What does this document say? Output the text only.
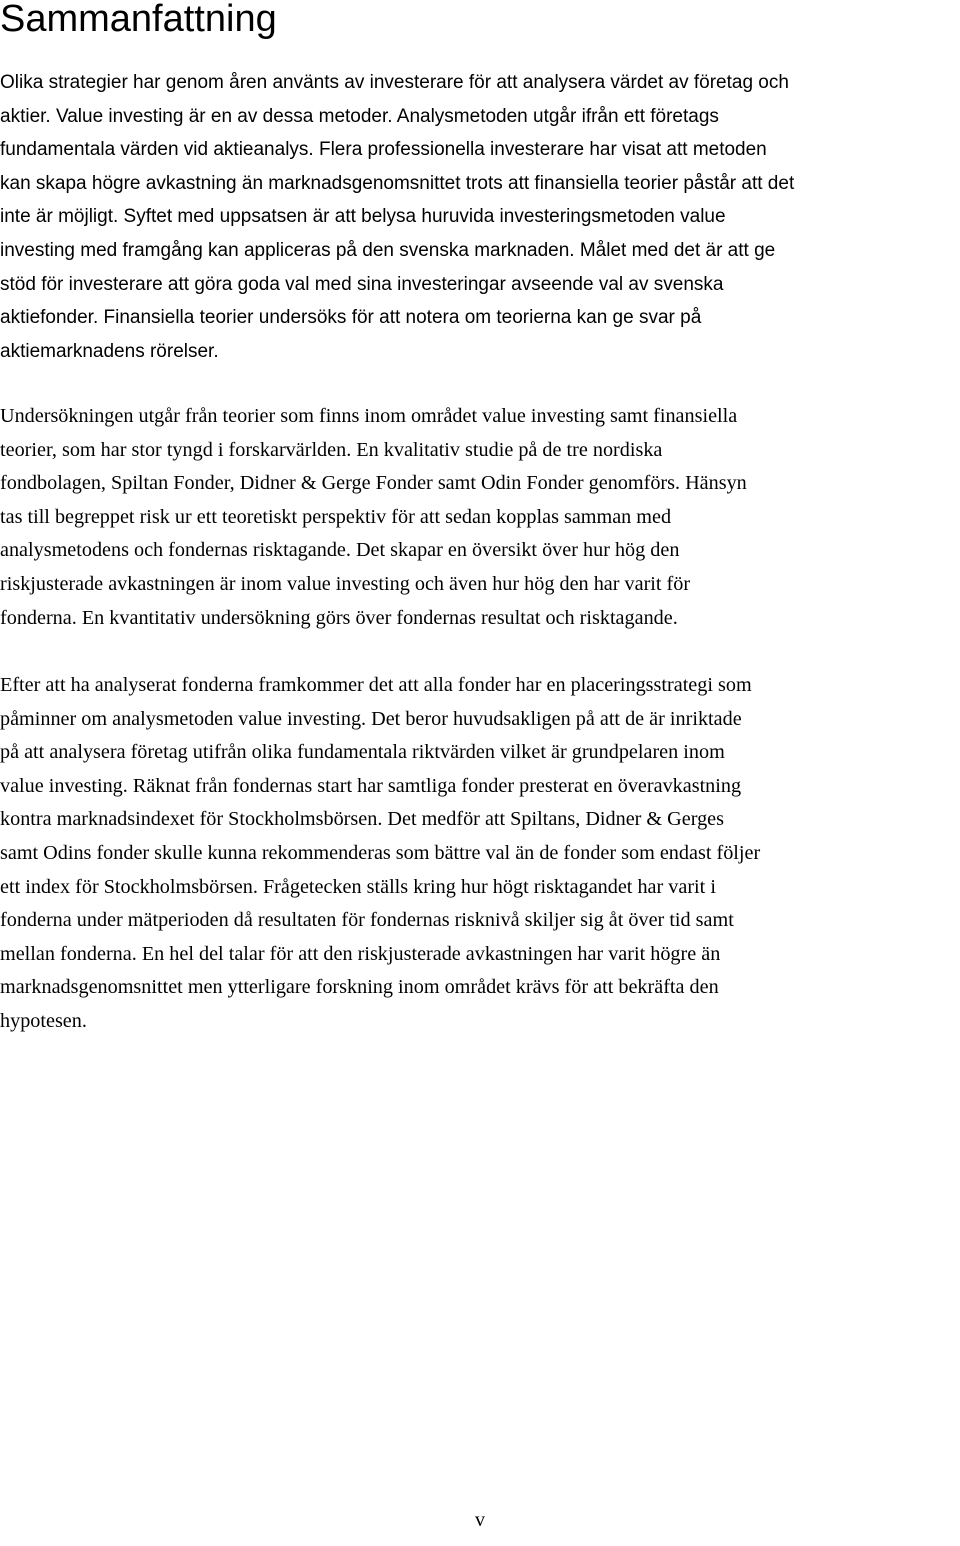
Sammanfattning
Olika strategier har genom åren använts av investerare för att analysera värdet av företag och
aktier. Value investing är en av dessa metoder. Analysmetoden utgår ifrån ett företags
fundamentala värden vid aktieanalys. Flera professionella investerare har visat att metoden
kan skapa högre avkastning än marknadsgenomsnittet trots att finansiella teorier påstår att det
inte är möjligt. Syftet med uppsatsen är att belysa huruvida investeringsmetoden value
investing med framgång kan appliceras på den svenska marknaden. Målet med det är att ge
stöd för investerare att göra goda val med sina investeringar avseende val av svenska
aktiefonder. Finansiella teorier undersöks för att notera om teorierna kan ge svar på
aktiemarknadens rörelser.
Undersökningen utgår från teorier som finns inom området value investing samt finansiella
teorier, som har stor tyngd i forskarvärlden. En kvalitativ studie på de tre nordiska
fondbolagen, Spiltan Fonder, Didner & Gerge Fonder samt Odin Fonder genomförs. Hänsyn
tas till begreppet risk ur ett teoretiskt perspektiv för att sedan kopplas samman med
analysmetodens och fondernas risktagande. Det skapar en översikt över hur hög den
riskjusterade avkastningen är inom value investing och även hur hög den har varit för
fonderna. En kvantitativ undersökning görs över fondernas resultat och risktagande.
Efter att ha analyserat fonderna framkommer det att alla fonder har en placeringsstrategi som
påminner om analysmetoden value investing. Det beror huvudsakligen på att de är inriktade
på att analysera företag utifrån olika fundamentala riktvärden vilket är grundpelaren inom
value investing. Räknat från fondernas start har samtliga fonder presterat en överavkastning
kontra marknadsindexet för Stockholmsbörsen. Det medför att Spiltans, Didner & Gerges
samt Odins fonder skulle kunna rekommenderas som bättre val än de fonder som endast följer
ett index för Stockholmsbörsen. Frågetecken ställs kring hur högt risktagandet har varit i
fonderna under mätperioden då resultaten för fondernas risknivå skiljer sig åt över tid samt
mellan fonderna. En hel del talar för att den riskjusterade avkastningen har varit högre än
marknadsgenomsnittet men ytterligare forskning inom området krävs för att bekräfta den
hypotesen.
v
